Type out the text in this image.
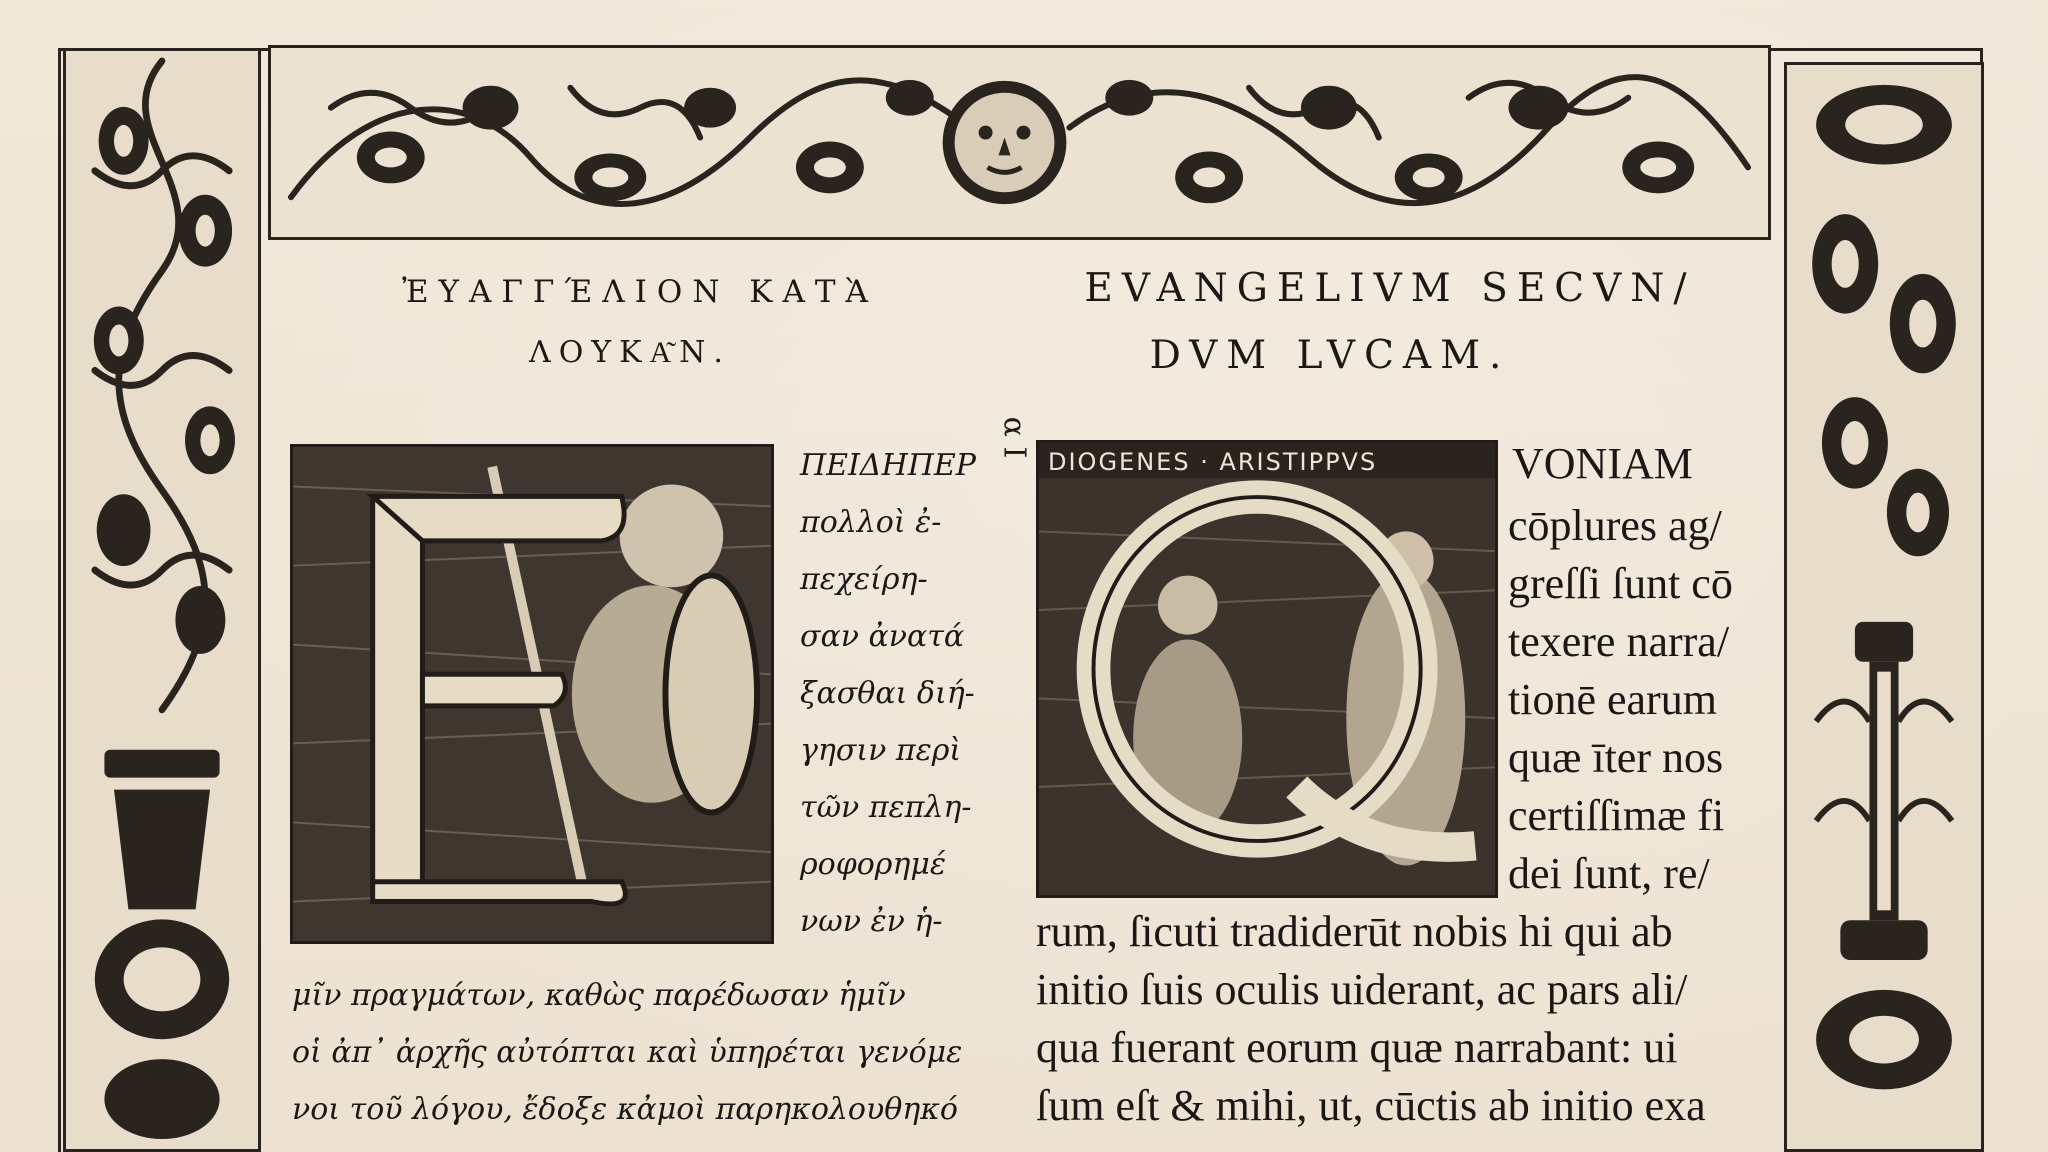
ἘΥΑΓΓΈΛΙΟΝ ΚΑΤᾺ
ΛΟΥΚΑ͂Ν.
EVANGELIVM SECVN/
DVM LVCAM.
α Ι
DIOGENES · ARISTIPPVS
ΠΕΙΔΗΠΕΡ
πολλοὶ ἐ-
πεχείρη-
σαν ἀνατά
ξασθαι διή-
γησιν περὶ
τῶν πεπλη-
ροφορημέ
νων ἐν ἡ-
μῖν πραγμάτων, καθὼς παρέδωσαν ἡμῖν
οἱ ἀπ᾽ ἀρχῆς αὐτόπται καὶ ὑπηρέται γενόμε
νοι τοῦ λόγου, ἔδοξε κἀμοὶ παρηκολουθηκό
VONIAM
cōplures ag/
greſſi ſunt cō
texere narra/
tionē earum
quæ īter nos
certiſſimæ fi
dei ſunt, re/
rum, ſicuti tradiderūt nobis hi qui ab
initio ſuis oculis uiderant, ac pars ali/
qua fuerant eorum quæ narrabant: ui
ſum eſt & mihi, ut, cūctis ab initio exa
